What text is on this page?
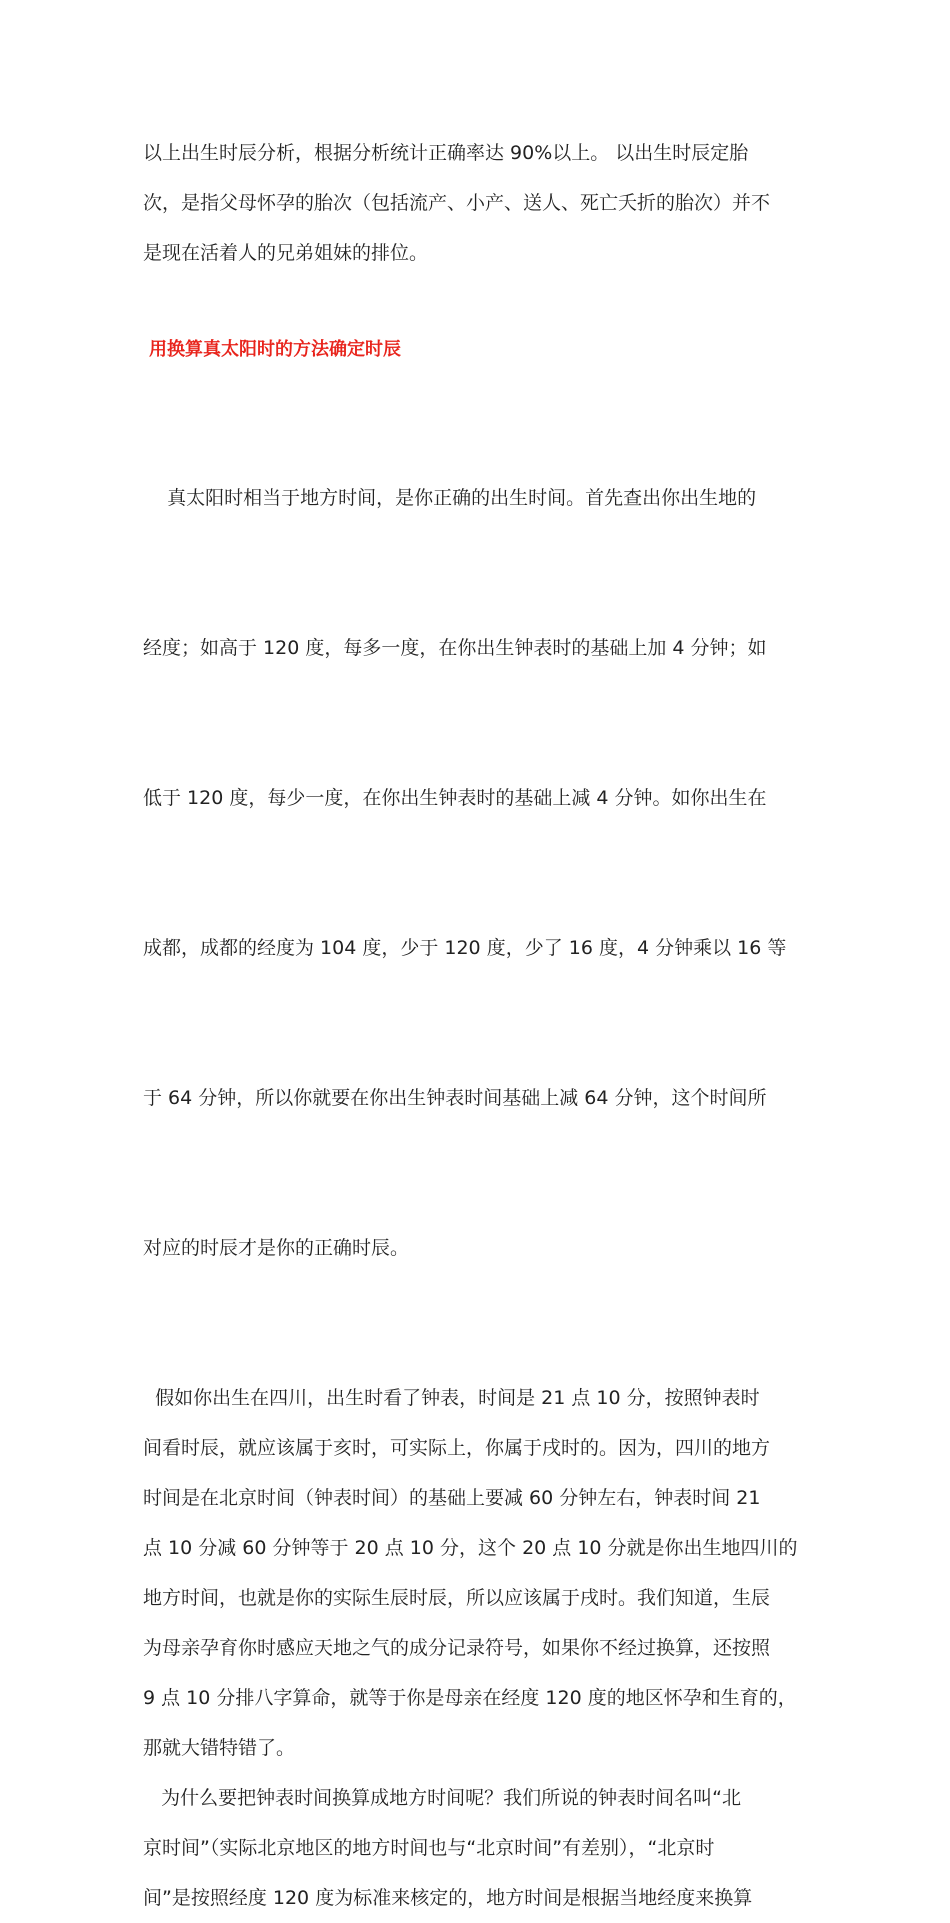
以上出生时辰分析，根据分析统计正确率达 90%以上。 以出生时辰定胎
次，是指父母怀孕的胎次（包括流产、小产、送人、死亡夭折的胎次）并不
是现在活着人的兄弟姐妹的排位。

用换算真太阳时的方法确定时辰

真太阳时相当于地方时间，是你正确的出生时间。首先查出你出生地的

经度；如高于 120 度，每多一度，在你出生钟表时的基础上加 4 分钟；如

低于 120 度，每少一度，在你出生钟表时的基础上减 4 分钟。如你出生在

成都，成都的经度为 104 度，少于 120 度，少了 16 度，4 分钟乘以 16 等

于 64 分钟，所以你就要在你出生钟表时间基础上减 64 分钟，这个时间所

对应的时辰才是你的正确时辰。

假如你出生在四川，出生时看了钟表，时间是 21 点 10 分，按照钟表时
间看时辰，就应该属于亥时，可实际上，你属于戌时的。因为，四川的地方
时间是在北京时间（钟表时间）的基础上要减 60 分钟左右，钟表时间 21
点 10 分减 60 分钟等于 20 点 10 分，这个 20 点 10 分就是你出生地四川的
地方时间，也就是你的实际生辰时辰，所以应该属于戌时。我们知道，生辰
为母亲孕育你时感应天地之气的成分记录符号，如果你不经过换算，还按照
9 点 10 分排八字算命，就等于你是母亲在经度 120 度的地区怀孕和生育的，
那就大错特错了。

为什么要把钟表时间换算成地方时间呢？我们所说的钟表时间名叫“北
京时间”（实际北京地区的地方时间也与“北京时间”有差别），“北京时
间”是按照经度 120 度为标准来核定的，地方时间是根据当地经度来换算
